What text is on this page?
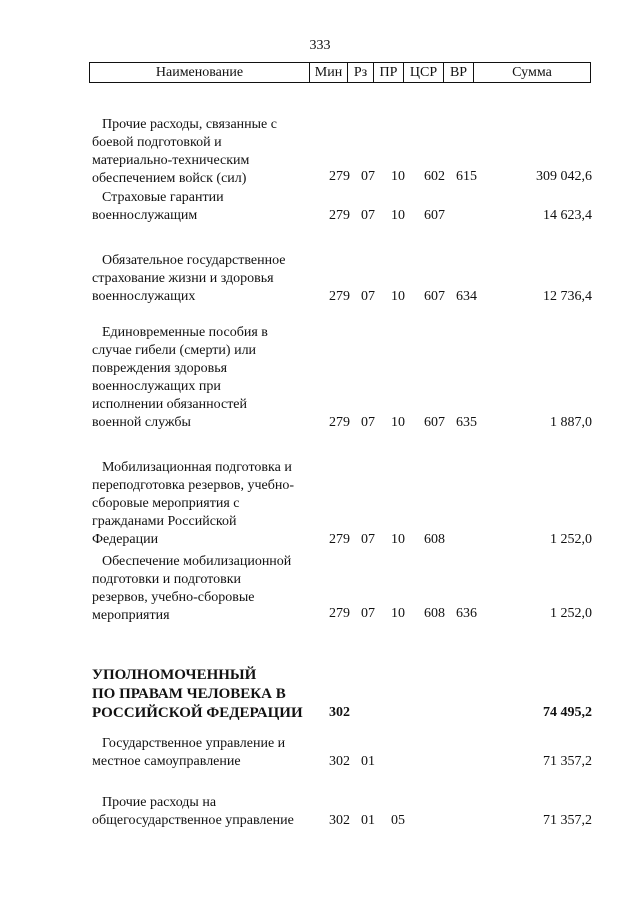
333
Наименование	Мин Рз ПР ЦСР ВР	Сумма
Прочие расходы, связанные с
боевой подготовкой и
материально-техническим
обеспечением войск (сил)	279 07 10 602 615	309 042,6
Страховые гарантии
военнослужащим	279 07 10 607	14 623,4
Обязательное государственное
страхование жизни и здоровья
военнослужащих	279 07 10 607 634	12 736,4
Единовременные пособия в
случае гибели (смерти) или
повреждения здоровья
военнослужащих при
исполнении обязанностей
военной службы	279 07 10 607 635	1 887,0
Мобилизационная подготовка и
переподготовка резервов, учебно-
сборовые мероприятия с
гражданами Российской
Федерации	279 07 10 608	1 252,0
Обеспечение мобилизационной
подготовки и подготовки
резервов, учебно-сборовые
мероприятия	279 07 10 608 636	1 252,0
УПОЛНОМОЧЕННЫЙ
ПО ПРАВАМ ЧЕЛОВЕКА В
РОССИЙСКОЙ ФЕДЕРАЦИИ	302	74 495,2
Государственное управление и
местное самоуправление	302 01	71 357,2
Прочие расходы на
общегосударственное управление	302 01 05	71 357,2
